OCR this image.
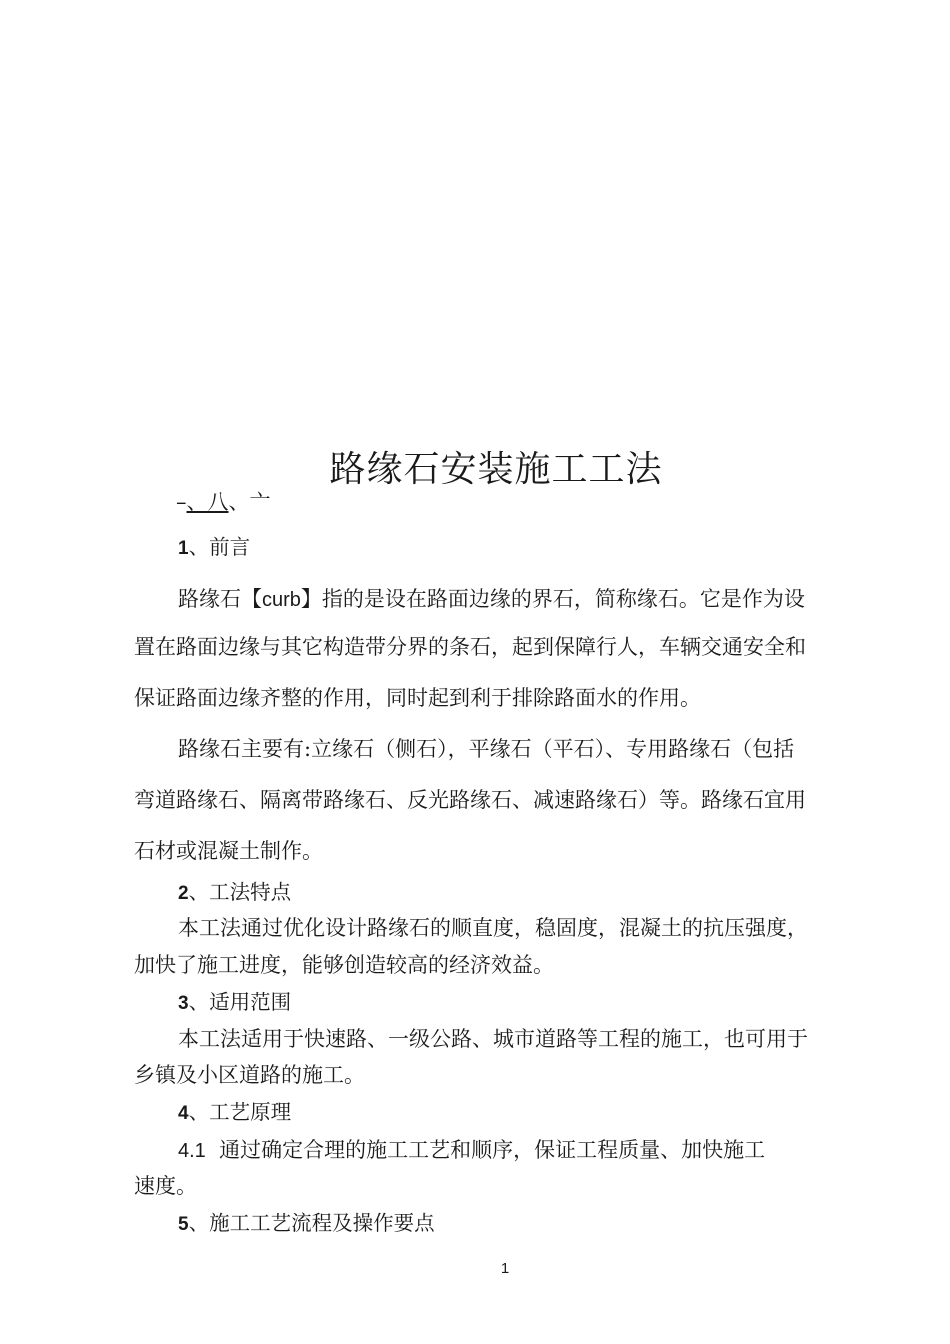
路缘石安装施工工法
–、八、亠
1、前言
路缘石【curb】指的是设在路面边缘的界石，简称缘石。它是作为设
置在路面边缘与其它构造带分界的条石，起到保障行人，车辆交通安全和
保证路面边缘齐整的作用，同时起到利于排除路面水的作用。
路缘石主要有:立缘石（侧石），平缘石（平石）、专用路缘石（包括
弯道路缘石、隔离带路缘石、反光路缘石、减速路缘石）等。路缘石宜用
石材或混凝土制作。
2、工法特点
本工法通过优化设计路缘石的顺直度，稳固度，混凝土的抗压强度，
加快了施工进度，能够创造较高的经济效益。
3、适用范围
本工法适用于快速路、一级公路、城市道路等工程的施工，也可用于
乡镇及小区道路的施工。
4、工艺原理
4.1 通过确定合理的施工工艺和顺序，保证工程质量、加快施工
速度。
5、施工工艺流程及操作要点
1
